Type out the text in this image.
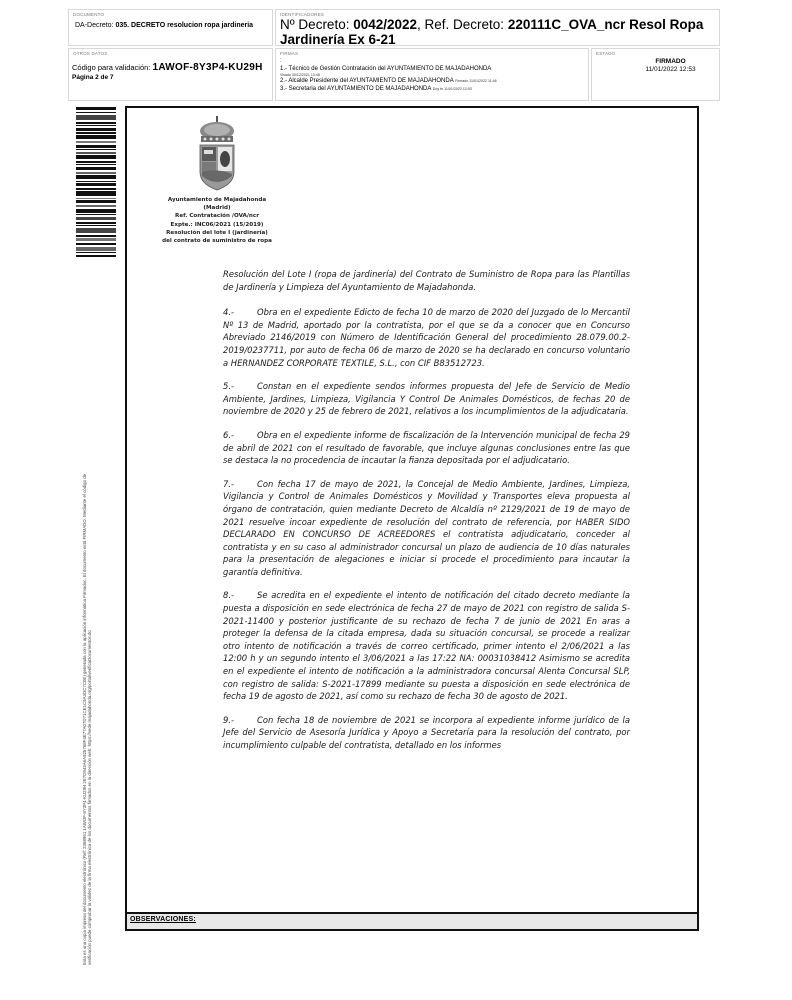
DOCUMENTO
DA-Decreto: 035. DECRETO resolucion ropa jardineria
IDENTIFICADORES
Nº Decreto: 0042/2022, Ref. Decreto: 220111C_OVA_ncr Resol Ropa Jardinería Ex 6-21
OTROS DATOS
Código para validación: 1AWOF-8Y3P4-KU29H
Página 2 de 7
FIRMAS
:
1.- Técnico de Gestión Contratación del AYUNTAMIENTO DE MAJADAHONDA
Visado 30/12/2021 13:48
2.- Alcalde Presidente del AYUNTAMIENTO DE MAJADAHONDA Firmado 11/01/2022 11:46
3.- Secretaria del AYUNTAMIENTO DE MAJADAHONDA Doy fe 11/01/2022 12:53
ESTADO
FIRMADO
11/01/2022 12:53
Esta es una copia impresa del documento electrónico (Ref: 2358961 1AWOF-8Y3P4-KU29H 2E7D943A6A925768F4E77A07D71CE1C9A3DC7C0E) generada con la aplicación informática Firmadoc. El documento está FIRMADO. Mediante el código de verificación puede comprobar la validez de la firma electrónica de los documentos firmados en la dirección web: https://sede.majadahonda.org/portal/verificaDocumentos.do
Ayuntamiento de Majadahonda
(Madrid)
Ref. Contratación /OVA/ncr
Expte.: INC06/2021 (15/2019)
Resolución del lote I (jardinería)
del contrato de suministro de ropa

Resolución del Lote I (ropa de jardinería) del Contrato de Suministro de Ropa para las Plantillas de Jardinería y Limpieza del Ayuntamiento de Majadahonda.

4.-	Obra en el expediente Edicto de fecha 10 de marzo de 2020 del Juzgado de lo Mercantil Nº 13 de Madrid, aportado por la contratista, por el que se da a conocer que en Concurso Abreviado 2146/2019 con Número de Identificación General del procedimiento 28.079.00.2-2019/0237711, por auto de fecha 06 de marzo de 2020 se ha declarado en concurso voluntario a HERNANDEZ CORPORATE TEXTILE, S.L., con CIF B83512723.

5.-	Constan en el expediente sendos informes propuesta del Jefe de Servicio de Medio Ambiente, Jardines, Limpieza, Vigilancia Y Control De Animales Domésticos, de fechas 20 de noviembre de 2020 y 25 de febrero de 2021, relativos a los incumplimientos de la adjudicataria.

6.-	Obra en el expediente informe de fiscalización de la Intervención municipal de fecha 29 de abril de 2021 con el resultado de favorable, que incluye algunas conclusiones entre las que se destaca la no procedencia de incautar la fianza depositada por el adjudicatario.

7.-	Con fecha 17 de mayo de 2021, la Concejal de Medio Ambiente, Jardines, Limpieza, Vigilancia y Control de Animales Domésticos y Movilidad y Transportes eleva propuesta al órgano de contratación, quien mediante Decreto de Alcaldía nº 2129/2021 de 19 de mayo de 2021 resuelve incoar expediente de resolución del contrato de referencia, por HABER SIDO DECLARADO EN CONCURSO DE ACREEDORES el contratista adjudicatario, conceder al contratista y en su caso al administrador concursal un plazo de audiencia de 10 días naturales para la presentación de alegaciones e iniciar si procede el procedimiento para incautar la garantía definitiva.

8.-	Se acredita en el expediente el intento de notificación del citado decreto mediante la puesta a disposición en sede electrónica de fecha 27 de mayo de 2021 con registro de salida S-2021-11400 y posterior justificante de su rechazo de fecha 7 de junio de 2021 En aras a proteger la defensa de la citada empresa, dada su situación concursal, se procede a realizar otro intento de notificación a través de correo certificado, primer intento el 2/06/2021 a las 12:00 h y un segundo intento el 3/06/2021 a las 17:22 NA: 00031038412 Asimismo se acredita en el expediente el intento de notificación a la administradora concursal Alenta Concursal SLP, con registro de salida: S-2021-17899 mediante su puesta a disposición en sede electrónica de fecha 19 de agosto de 2021, así como su rechazo de fecha 30 de agosto de 2021.

9.-	Con fecha 18 de noviembre de 2021 se incorpora al expediente informe jurídico de la Jefe del Servicio de Asesoría Jurídica y Apoyo a Secretaría para la resolución del contrato, por incumplimiento culpable del contratista, detallado en los informes

OBSERVACIONES:
